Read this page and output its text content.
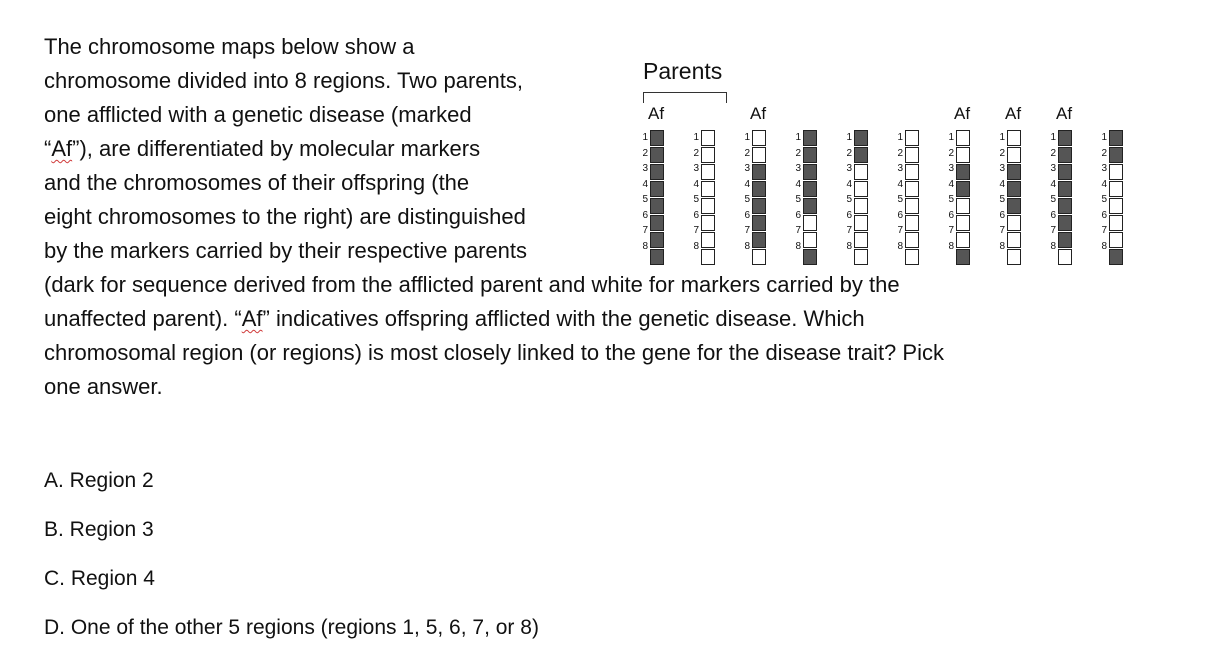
The chromosome maps below show a
chromosome divided into 8 regions. Two parents,
one afflicted with a genetic disease (marked
“Af”), are differentiated by molecular markers
and the chromosomes of their offspring (the
eight chromosomes to the right) are distinguished
by the markers carried by their respective parents
(dark for sequence derived from the afflicted parent and white for markers carried by the
unaffected parent). “Af” indicatives offspring afflicted with the genetic disease. Which
chromosomal region (or regions) is most closely linked to the gene for the disease trait? Pick
one answer.
Parents
1
2
3
4
5
6
7
8
Af
1
2
3
4
5
6
7
8
1
2
3
4
5
6
7
8
Af
1
2
3
4
5
6
7
8
1
2
3
4
5
6
7
8
1
2
3
4
5
6
7
8
1
2
3
4
5
6
7
8
Af
1
2
3
4
5
6
7
8
Af
1
2
3
4
5
6
7
8
Af
1
2
3
4
5
6
7
8
A. Region 2
B. Region 3
C. Region 4
D. One of the other 5 regions (regions 1, 5, 6, 7, or 8)
